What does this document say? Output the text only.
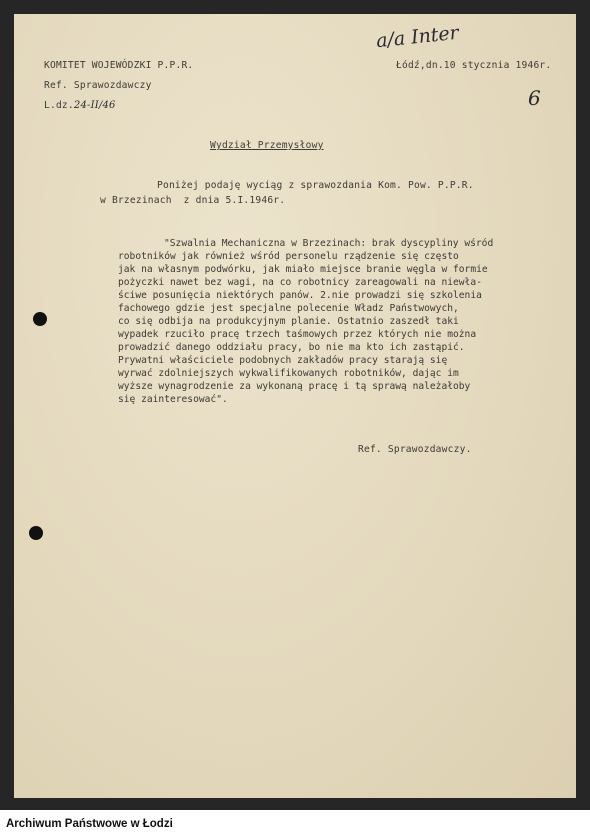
KOMITET WOJEWÓDZKI P.P.R.
Ref. Sprawozdawczy
L.dz.24-II/46
a/a Inter
Łódź,dn.10 stycznia 1946r.
6
Wydział Przemysłowy
Poniżej podaję wyciąg z sprawozdania Kom. Pow. P.P.R.
w Brzezinach  z dnia 5.I.1946r.
"Szwalnia Mechaniczna w Brzezinach: brak dyscypliny wśród
robotników jak również wśród personelu rządzenie się często
jak na własnym podwórku, jak miało miejsce branie węgla w formie
pożyczki nawet bez wagi, na co robotnicy zareagowali na niewła-
ściwe posunięcia niektórych panów. 2.nie prowadzi się szkolenia
fachowego gdzie jest specjalne polecenie Władz Państwowych,
co się odbija na produkcyjnym planie. Ostatnio zaszedł taki
wypadek rzuciło pracę trzech taśmowych przez których nie można
prowadzić danego oddziału pracy, bo nie ma kto ich zastąpić.
Prywatni właściciele podobnych zakładów pracy starają się
wyrwać zdolniejszych wykwalifikowanych robotników, dając im
wyższe wynagrodzenie za wykonaną pracę i tą sprawą należałoby
się zainteresować".
Ref. Sprawozdawczy.
Archiwum Państwowe w Łodzi
